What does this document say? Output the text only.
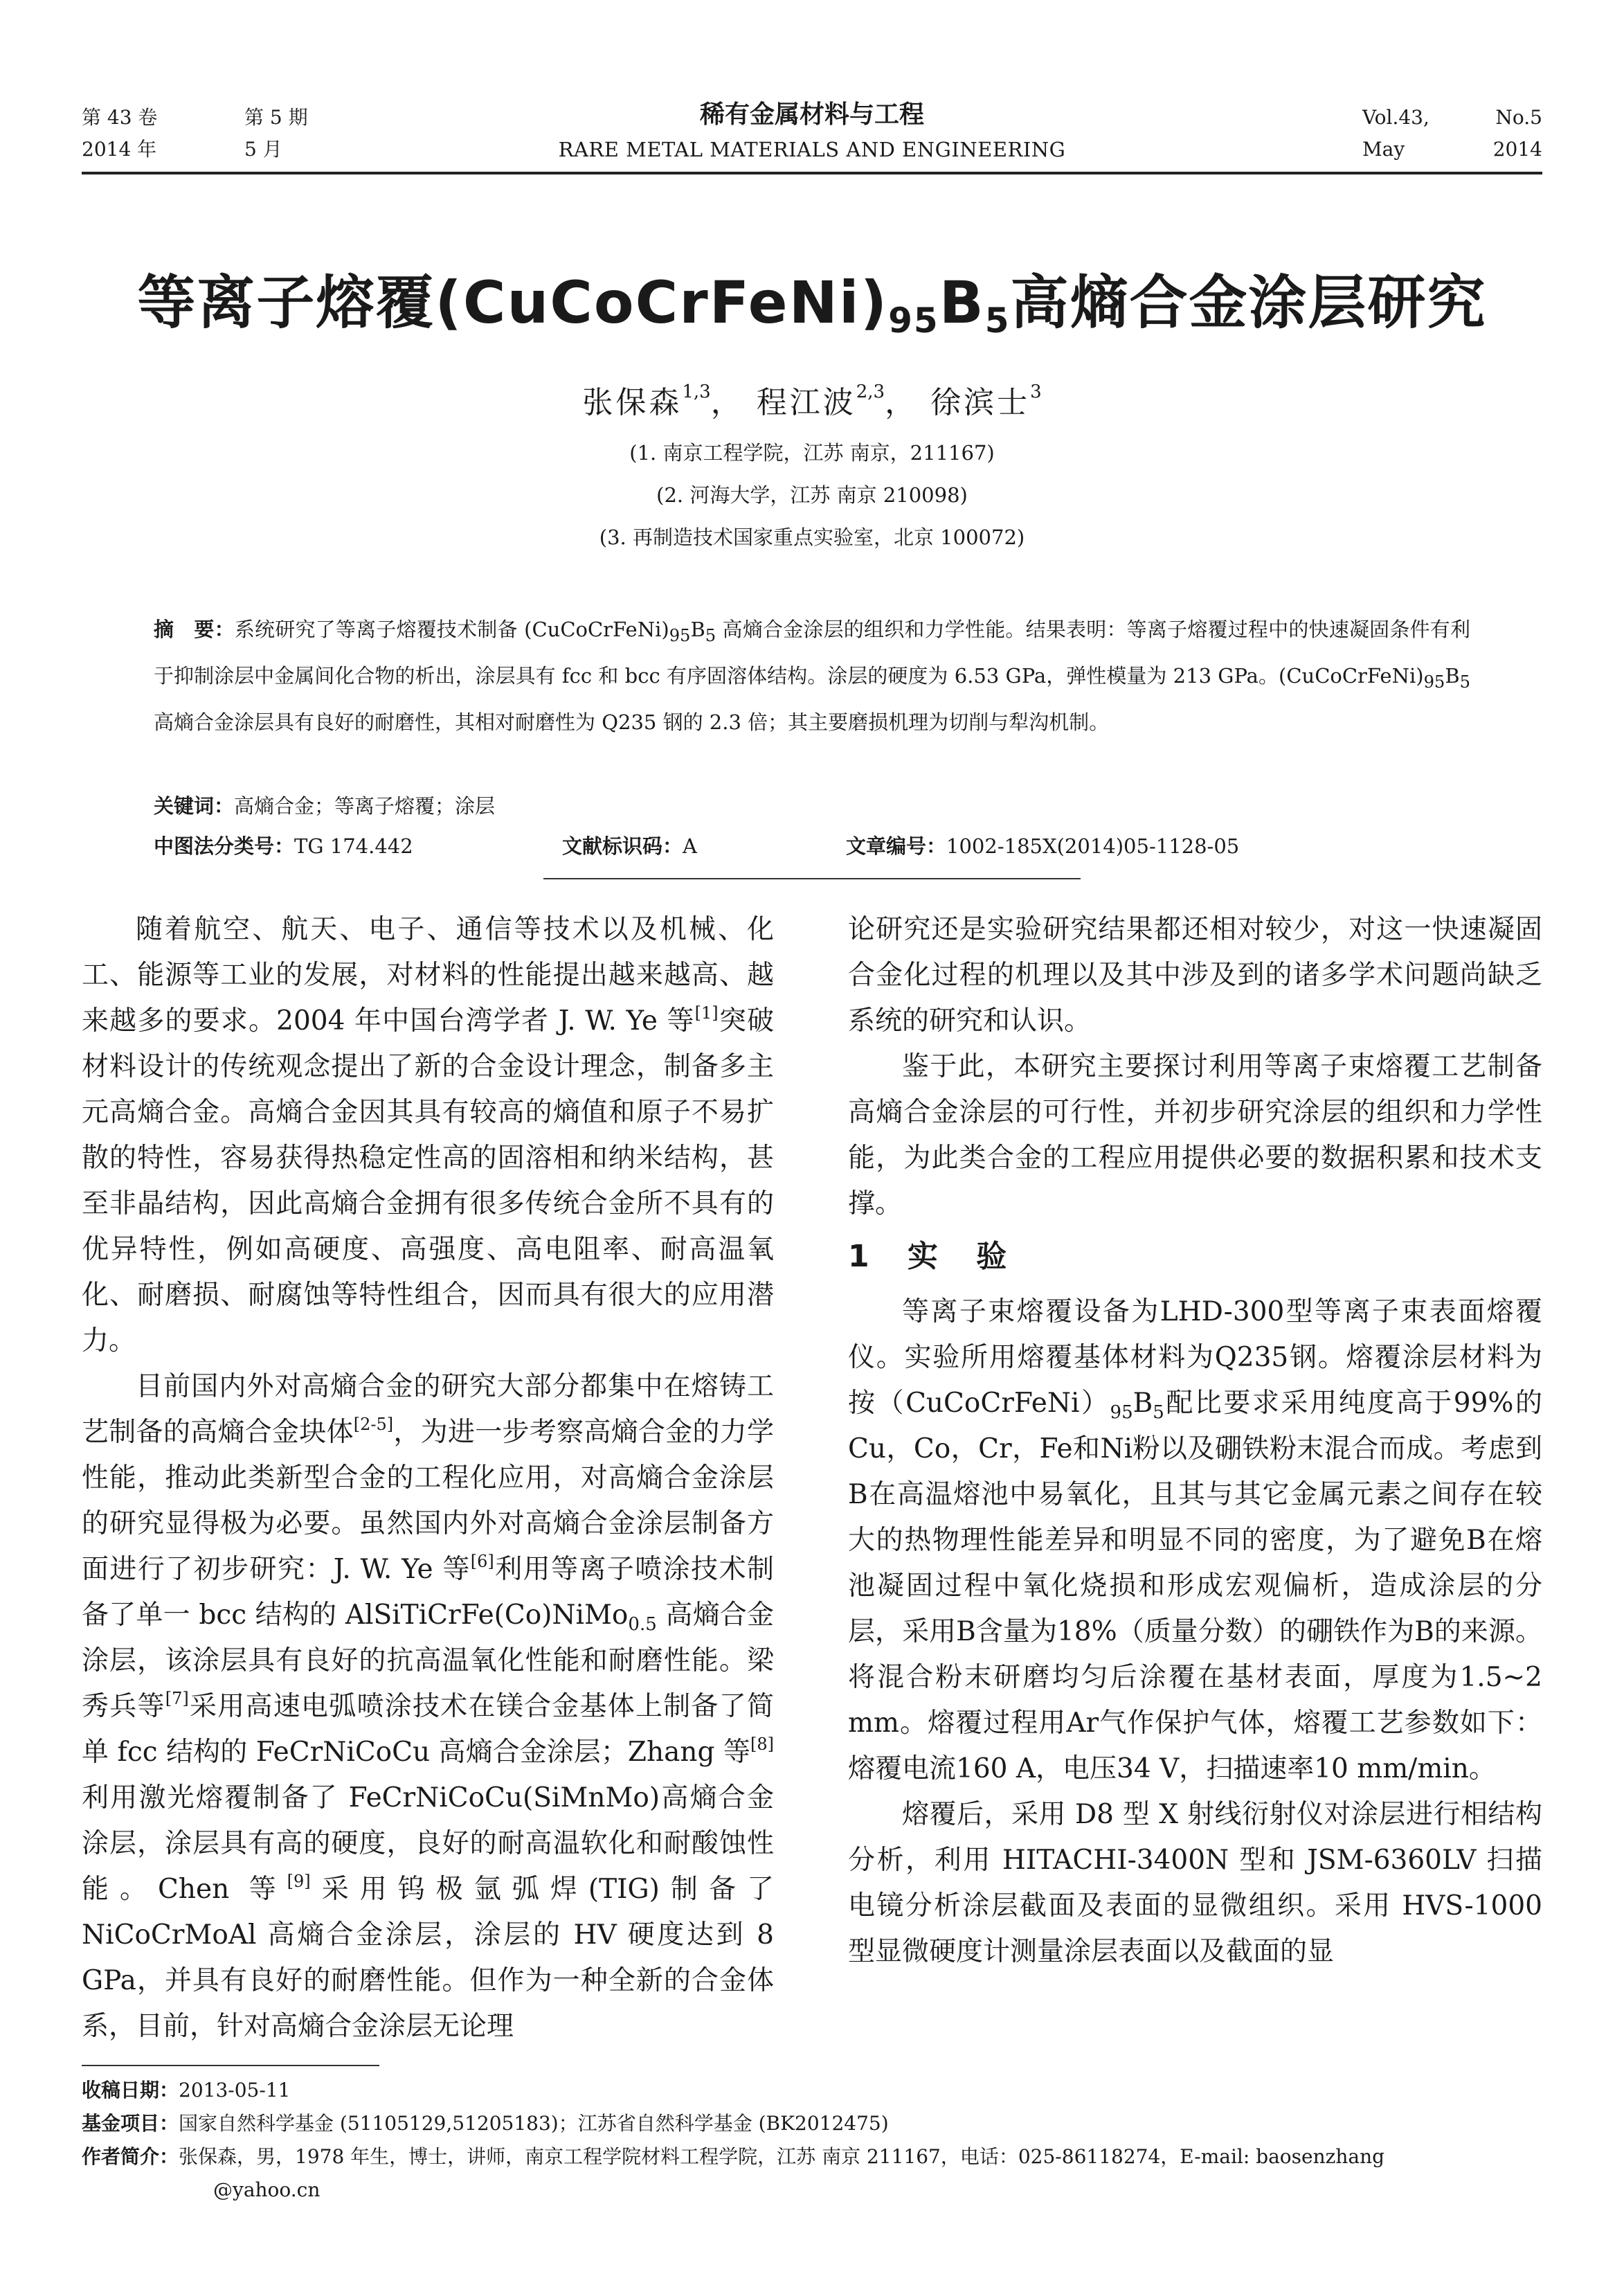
第 43 卷	第 5 期
2014 年	5 月
稀有金属材料与工程
RARE METAL MATERIALS AND ENGINEERING
Vol.43,	No.5
May	2014
等离子熔覆$(CuCoCrFeNi)_{95}B_5$高熵合金涂层研究
张保森$^{1,3}$， 程江波$^{2,3}$， 徐滨士$^3$
(1. 南京工程学院，江苏 南京，211167)
(2. 河海大学，江苏 南京 210098)
(3. 再制造技术国家重点实验室，北京 100072)
摘　要：系统研究了等离子熔覆技术制备 $(CuCoCrFeNi)_{95}B_5$ 高熵合金涂层的组织和力学性能。结果表明：等离子熔覆过程中的快速凝固条件有利于抑制涂层中金属间化合物的析出，涂层具有 fcc 和 bcc 有序固溶体结构。涂层的硬度为 6.53 GPa，弹性模量为 213 GPa。$(CuCoCrFeNi)_{95}B_5$ 高熵合金涂层具有良好的耐磨性，其相对耐磨性为 Q235 钢的 2.3 倍；其主要磨损机理为切削与犁沟机制。
关键词：高熵合金；等离子熔覆；涂层
中图法分类号：TG 174.442	文献标识码：A	文章编号：1002-185X(2014)05-1128-05

随着航空、航天、电子、通信等技术以及机械、化工、能源等工业的发展，对材料的性能提出越来越高、越来越多的要求。2004 年中国台湾学者 J. W. Ye 等[1]突破材料设计的传统观念提出了新的合金设计理念，制备多主元高熵合金。高熵合金因其具有较高的熵值和原子不易扩散的特性，容易获得热稳定性高的固溶相和纳米结构，甚至非晶结构，因此高熵合金拥有很多传统合金所不具有的优异特性，例如高硬度、高强度、高电阻率、耐高温氧化、耐磨损、耐腐蚀等特性组合，因而具有很大的应用潜力。

目前国内外对高熵合金的研究大部分都集中在熔铸工艺制备的高熵合金块体[2-5]，为进一步考察高熵合金的力学性能，推动此类新型合金的工程化应用，对高熵合金涂层的研究显得极为必要。虽然国内外对高熵合金涂层制备方面进行了初步研究：J. W. Ye 等[6]利用等离子喷涂技术制备了单一 bcc 结构的 AlSiTiCrFe(Co)NiMo$_{0.5}$ 高熵合金涂层，该涂层具有良好的抗高温氧化性能和耐磨性能。梁秀兵等[7]采用高速电弧喷涂技术在镁合金基体上制备了简单 fcc 结构的 FeCrNiCoCu 高熵合金涂层；Zhang 等[8]利用激光熔覆制备了 FeCrNiCoCu(SiMnMo)高熵合金涂层，涂层具有高的硬度，良好的耐高温软化和耐酸蚀性能。Chen 等[9]采用钨极氩弧焊(TIG)制备了 NiCoCrMoAl 高熵合金涂层，涂层的 HV 硬度达到 8 GPa，并具有良好的耐磨性能。但作为一种全新的合金体系，目前，针对高熵合金涂层无论理

论研究还是实验研究结果都还相对较少，对这一快速凝固合金化过程的机理以及其中涉及到的诸多学术问题尚缺乏系统的研究和认识。

鉴于此，本研究主要探讨利用等离子束熔覆工艺制备高熵合金涂层的可行性，并初步研究涂层的组织和力学性能，为此类合金的工程应用提供必要的数据积累和技术支撑。

1 实 验

等离子束熔覆设备为LHD-300型等离子束表面熔覆仪。实验所用熔覆基体材料为Q235钢。熔覆涂层材料为按$(CuCoCrFeNi)_{95}B_5$配比要求采用纯度高于99%的Cu，Co，Cr，Fe和Ni粉以及硼铁粉末混合而成。考虑到B在高温熔池中易氧化，且其与其它金属元素之间存在较大的热物理性能差异和明显不同的密度，为了避免B在熔池凝固过程中氧化烧损和形成宏观偏析，造成涂层的分层，采用B含量为18%（质量分数）的硼铁作为B的来源。将混合粉末研磨均匀后涂覆在基材表面，厚度为1.5~2 mm。熔覆过程用Ar气作保护气体，熔覆工艺参数如下：熔覆电流160 A，电压34 V，扫描速率10 mm/min。

熔覆后，采用 D8 型 X 射线衍射仪对涂层进行相结构分析，利用 HITACHI-3400N 型和 JSM-6360LV 扫描电镜分析涂层截面及表面的显微组织。采用 HVS-1000 型显微硬度计测量涂层表面以及截面的显

收稿日期：2013-05-11
基金项目：国家自然科学基金 (51105129,51205183)；江苏省自然科学基金 (BK2012475)
作者简介：张保森，男，1978 年生，博士，讲师，南京工程学院材料工程学院，江苏 南京 211167，电话：025-86118274，E-mail: baosenzhang
@yahoo.cn
